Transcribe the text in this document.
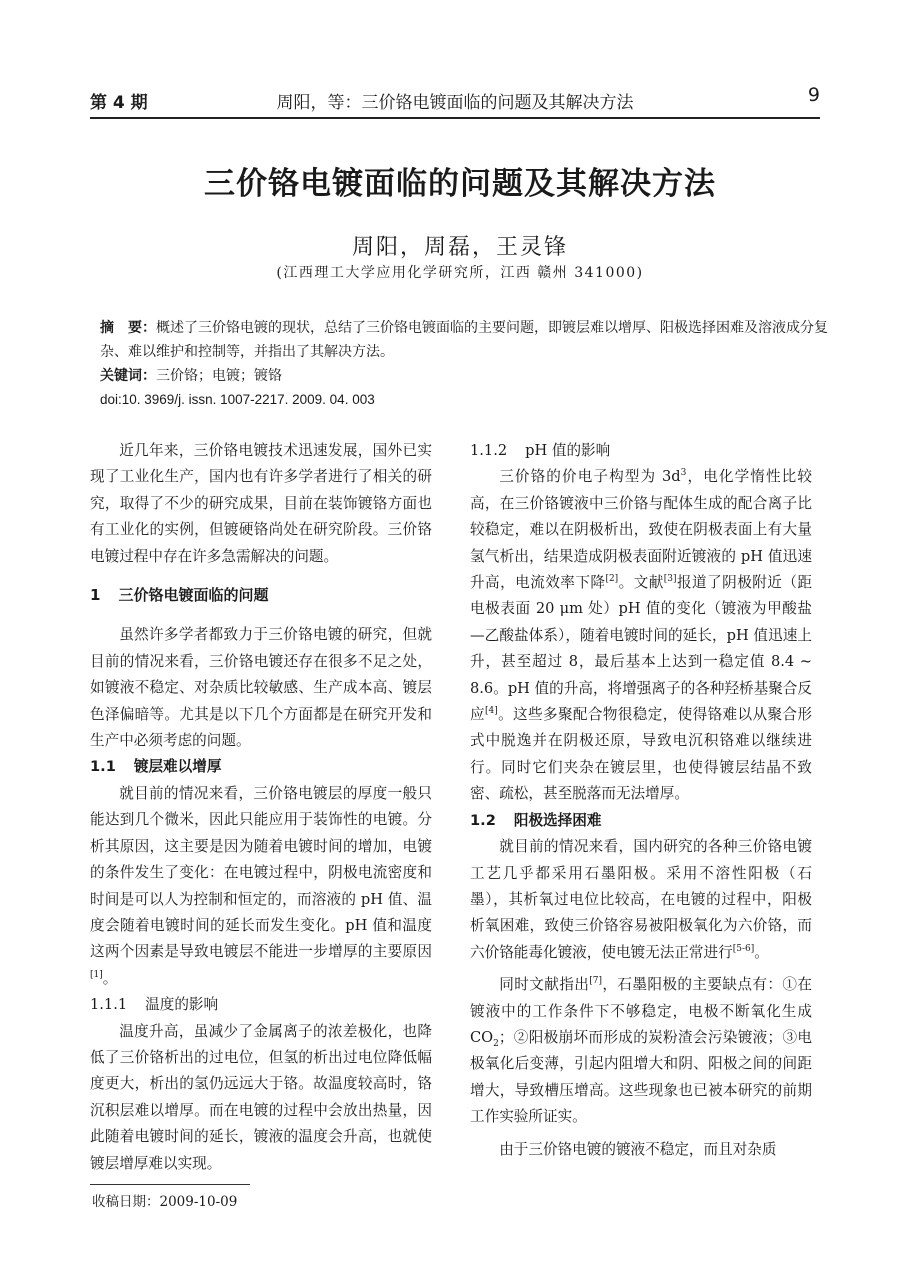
第 4 期	周阳，等：三价铬电镀面临的问题及其解决方法	9
三价铬电镀面临的问题及其解决方法
周阳，周磊，王灵锋
(江西理工大学应用化学研究所，江西 赣州 341000)

摘　要：概述了三价铬电镀的现状，总结了三价铬电镀面临的主要问题，即镀层难以增厚、阳极选择困难及溶液成分复杂、难以维护和控制等，并指出了其解决方法。

关键词：三价铬；电镀；镀铬

doi:10. 3969/j. issn. 1007-2217. 2009. 04. 003

近几年来，三价铬电镀技术迅速发展，国外已实现了工业化生产，国内也有许多学者进行了相关的研究，取得了不少的研究成果，目前在装饰镀铬方面也有工业化的实例，但镀硬铬尚处在研究阶段。三价铬电镀过程中存在许多急需解决的问题。

1 三价铬电镀面临的问题

虽然许多学者都致力于三价铬电镀的研究，但就目前的情况来看，三价铬电镀还存在很多不足之处，如镀液不稳定、对杂质比较敏感、生产成本高、镀层色泽偏暗等。尤其是以下几个方面都是在研究开发和生产中必须考虑的问题。

1.1 镀层难以增厚

就目前的情况来看，三价铬电镀层的厚度一般只能达到几个微米，因此只能应用于装饰性的电镀。分析其原因，这主要是因为随着电镀时间的增加，电镀的条件发生了变化：在电镀过程中，阴极电流密度和时间是可以人为控制和恒定的，而溶液的 pH 值、温度会随着电镀时间的延长而发生变化。pH 值和温度这两个因素是导致电镀层不能进一步增厚的主要原因[1]。

1.1.1 温度的影响

温度升高，虽减少了金属离子的浓差极化，也降低了三价铬析出的过电位，但氢的析出过电位降低幅度更大，析出的氢仍远远大于铬。故温度较高时，铬沉积层难以增厚。而在电镀的过程中会放出热量，因此随着电镀时间的延长，镀液的温度会升高，也就使镀层增厚难以实现。

1.1.2 pH 值的影响

三价铬的价电子构型为 $3d^3$，电化学惰性比较高，在三价铬镀液中三价铬与配体生成的配合离子比较稳定，难以在阴极析出，致使在阴极表面上有大量氢气析出，结果造成阴极表面附近镀液的 pH 值迅速升高，电流效率下降[2]。文献[3]报道了阴极附近（距电极表面 20 μm 处）pH 值的变化（镀液为甲酸盐—乙酸盐体系），随着电镀时间的延长，pH 值迅速上升，甚至超过 8，最后基本上达到一稳定值 8.4 ~ 8.6。pH 值的升高，将增强离子的各种羟桥基聚合反应[4]。这些多聚配合物很稳定，使得铬难以从聚合形式中脱逸并在阴极还原，导致电沉积铬难以继续进行。同时它们夹杂在镀层里，也使得镀层结晶不致密、疏松，甚至脱落而无法增厚。

1.2 阳极选择困难

就目前的情况来看，国内研究的各种三价铬电镀工艺几乎都采用石墨阳极。采用不溶性阳极（石墨），其析氧过电位比较高，在电镀的过程中，阳极析氧困难，致使三价铬容易被阳极氧化为六价铬，而六价铬能毒化镀液，使电镀无法正常进行[5-6]。

同时文献指出[7]，石墨阳极的主要缺点有：①在镀液中的工作条件下不够稳定，电极不断氧化生成 $CO_2$；②阳极崩坏而形成的炭粉渣会污染镀液；③电极氧化后变薄，引起内阻增大和阴、阳极之间的间距增大，导致槽压增高。这些现象也已被本研究的前期工作实验所证实。

由于三价铬电镀的镀液不稳定，而且对杂质

收稿日期：2009-10-09
